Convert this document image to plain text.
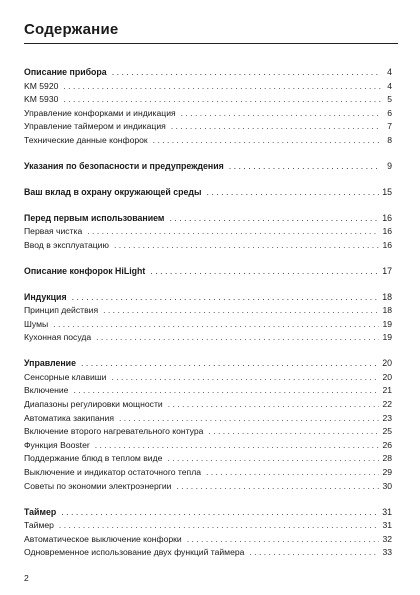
Содержание
Описание прибора . . .	4
KM 5920 . . .	4
KM 5930 . . .	5
Управление конфорками и индикация . . .	6
Управление таймером и индикация . . .	7
Технические данные конфорок . . .	8
Указания по безопасности и предупреждения . . .	9
Ваш вклад в охрану окружающей среды . . .	15
Перед первым использованием . . .	16
Первая чистка . . .	16
Ввод в эксплуатацию . . .	16
Описание конфорок HiLight . . .	17
Индукция . . .	18
Принцип действия . . .	18
Шумы . . .	19
Кухонная посуда . . .	19
Управление . . .	20
Сенсорные клавиши . . .	20
Включение . . .	21
Диапазоны регулировки мощности . . .	22
Автоматика закипания . . .	23
Включение второго нагревательного контура . . .	25
Функция Booster . . .	26
Поддержание блюд в теплом виде . . .	28
Выключение и индикатор остаточного тепла . . .	29
Советы по экономии электроэнергии . . .	30
Таймер . . .	31
Таймер . . .	31
Автоматическое выключение конфорки . . .	32
Одновременное использование двух функций таймера . . .	33
2
